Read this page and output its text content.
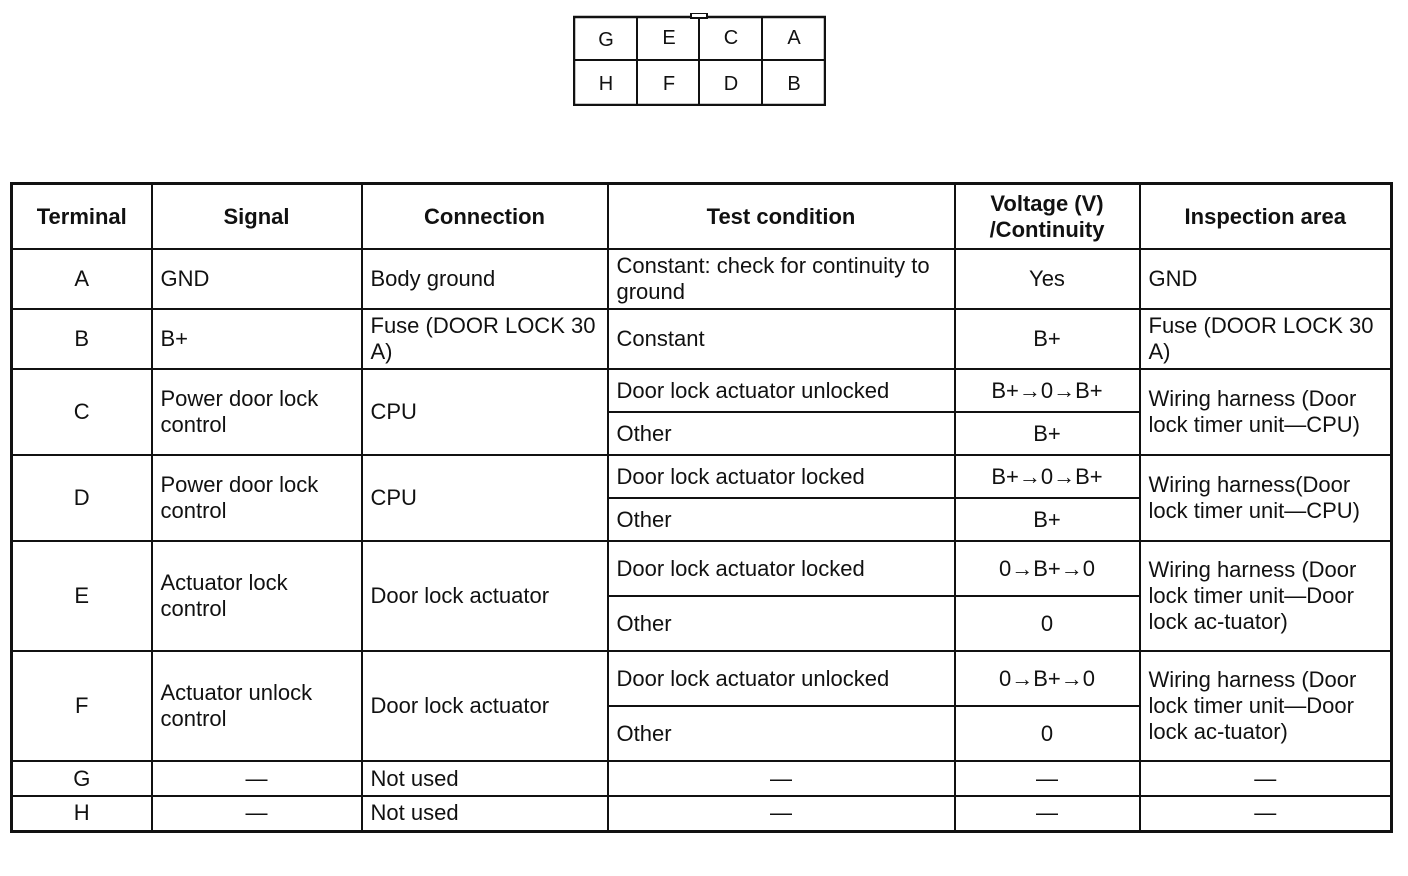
G	E	C	A
H	F	D	B
Terminal	Signal	Connection	Test condition	Voltage (V) /Continuity	Inspection area
A	GND	Body ground	Constant: check for continuity to ground	Yes	GND
B	B+	Fuse (DOOR LOCK 30 A)	Constant	B+	Fuse (DOOR LOCK 30 A)
C	Power door lock control	CPU	Door lock actuator unlocked	B+→0→B+	Wiring harness (Door lock timer unit—CPU)
			Other	B+	
D	Power door lock control	CPU	Door lock actuator locked	B+→0→B+	Wiring harness(Door lock timer unit—CPU)
			Other	B+	
E	Actuator lock control	Door lock actuator	Door lock actuator locked	0→B+→0	Wiring harness (Door lock timer unit—Door lock ac-tuator)
			Other	0	
F	Actuator unlock control	Door lock actuator	Door lock actuator unlocked	0→B+→0	Wiring harness (Door lock timer unit—Door lock ac-tuator)
			Other	0	
G	—	Not used	—	—	—
H	—	Not used	—	—	—
